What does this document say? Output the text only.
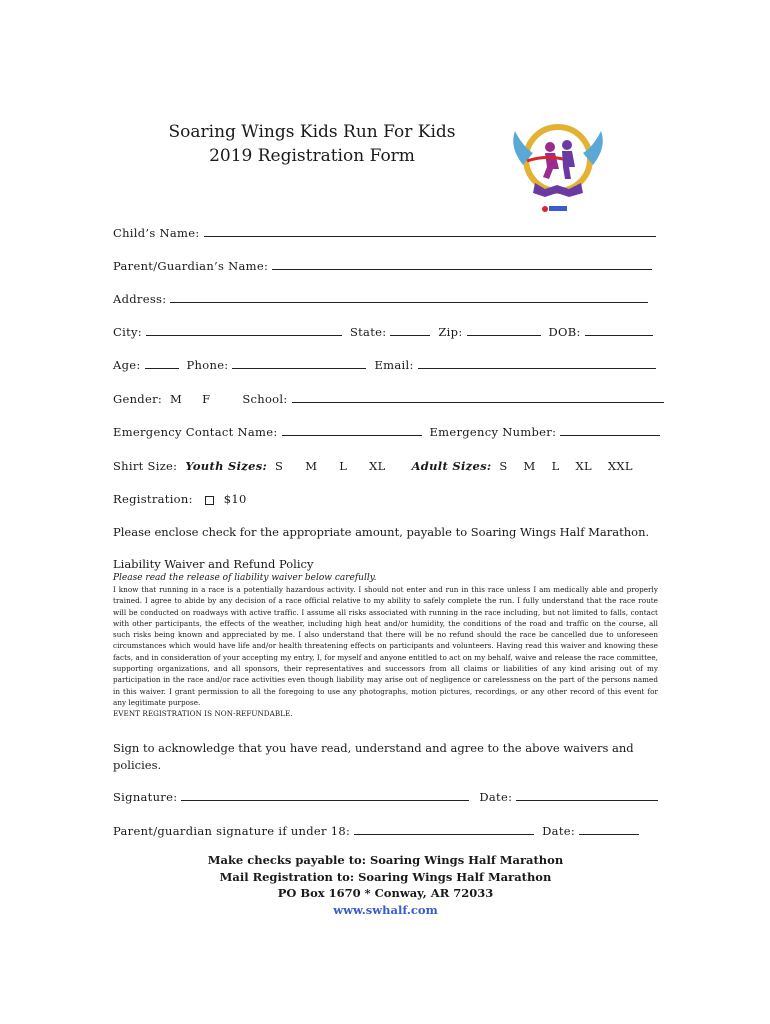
Soaring Wings Kids Run For Kids
2019 Registration Form
Child’s Name:
Parent/Guardian’s Name:
Address:
City:	State:	Zip:	DOB:
Age:	Phone:	Email:
Gender: M F	School:
Emergency Contact Name:	Emergency Number:
Shirt Size: Youth Sizes: S M L XL Adult Sizes: S M L XL XXL
Registration:	$10
Please enclose check for the appropriate amount, payable to Soaring Wings Half Marathon.
Liability Waiver and Refund Policy
Please read the release of liability waiver below carefully.
I know that running in a race is a potentially hazardous activity. I should not enter and run in this race unless I am medically able and properly trained. I agree to abide by any decision of a race official relative to my ability to safely complete the run. I fully understand that the race route will be conducted on roadways with active traffic. I assume all risks associated with running in the race including, but not limited to falls, contact with other participants, the effects of the weather, including high heat and/or humidity, the conditions of the road and traffic on the course, all such risks being known and appreciated by me. I also understand that there will be no refund should the race be cancelled due to unforeseen circumstances which would have life and/or health threatening effects on participants and volunteers. Having read this waiver and knowing these facts, and in consideration of your accepting my entry, I, for myself and anyone entitled to act on my behalf, waive and release the race committee, supporting organizations, and all sponsors, their representatives and successors from all claims or liabilities of any kind arising out of my participation in the race and/or race activities even though liability may arise out of negligence or carelessness on the part of the persons named in this waiver. I grant permission to all the foregoing to use any photographs, motion pictures, recordings, or any other record of this event for any legitimate purpose.
EVENT REGISTRATION IS NON-REFUNDABLE.
Sign to acknowledge that you have read, understand and agree to the above waivers and policies.
Signature:	Date:
Parent/guardian signature if under 18:	Date:
Make checks payable to: Soaring Wings Half Marathon
Mail Registration to: Soaring Wings Half Marathon
PO Box 1670 * Conway, AR 72033
www.swhalf.com
